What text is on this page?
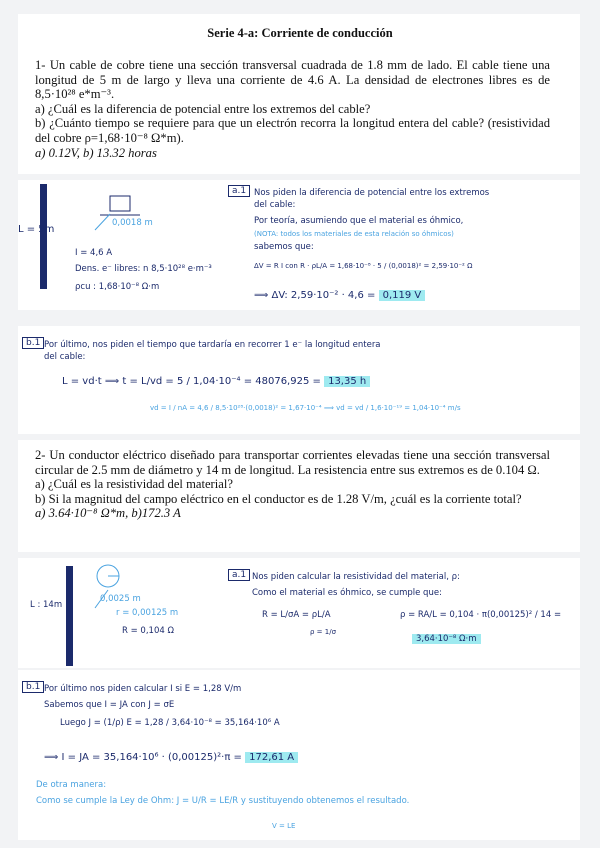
Serie 4-a: Corriente de conducción

1- Un cable de cobre tiene una sección transversal cuadrada de 1.8 mm de lado. El cable tiene una longitud de 5 m de largo y lleva una corriente de 4.6 A. La densidad de electrones libres es de 8,5·10²⁸ e*m⁻³.

a) ¿Cuál es la diferencia de potencial entre los extremos del cable?

b) ¿Cuánto tiempo se requiere para que un electrón recorra la longitud entera del cable? (resistividad del cobre ρ=1,68·10⁻⁸ Ω*m).

a) 0.12V, b) 13.32 horas

2- Un conductor eléctrico diseñado para transportar corrientes elevadas tiene una sección transversal circular de 2.5 mm de diámetro y 14 m de longitud. La resistencia entre sus extremos es de 0.104 Ω.

a) ¿Cuál es la resistividad del material?

b) Si la magnitud del campo eléctrico en el conductor es de 1.28 V/m, ¿cuál es la corriente total?

a) 3.64·10⁻⁸ Ω*m, b)172.3 A

L = 5m
0,0018 m
I = 4,6 A
Dens. e⁻ libres: n 8,5·10²⁸ e·m⁻³
ρcu : 1,68·10⁻⁸ Ω·m
a.1 Nos piden la diferencia de potencial entre los extremos
del cable:
Por teoría, asumiendo que el material es óhmico,
(NOTA: todos los materiales de esta relación so óhmicos)
sabemos que:
ΔV = R I con R · ρL/A = 1,68·10⁻⁸ · 5 / (0,0018)² = 2,59·10⁻² Ω
⟹ ΔV: 2,59·10⁻² · 4,6 = 0,119 V
b.1 Por último, nos piden el tiempo que tardaría en recorrer 1 e⁻ la longitud entera
del cable:
L = vd·t ⟹ t = L/vd = 5 / 1,04·10⁻⁴ = 48076,925 = 13,35 h
vd = I / nA = 4,6 / 8,5·10²⁸·(0,0018)² = 1,67·10⁻⁴ ⟹ vd = vd / 1,6·10⁻¹⁹ = 1,04·10⁻⁴ m/s
L : 14m
0,0025 m
r = 0,00125 m
R = 0,104 Ω
a.1 Nos piden calcular la resistividad del material, ρ:
Como el material es óhmico, se cumple que:
R = L/σA = ρL/A
ρ = 1/σ
ρ = RA/L = 0,104 · π(0,00125)² / 14 =
3,64·10⁻⁸ Ω·m
b.1 Por último nos piden calcular I si E = 1,28 V/m
Sabemos que I = JA con J = σE
Luego J = (1/ρ) E = 1,28 / 3,64·10⁻⁸ = 35,164·10⁶ A
⟹ I = JA = 35,164·10⁶ · (0,00125)²·π = 172,61 A
De otra manera:
Como se cumple la Ley de Ohm: J = U/R = LE/R y sustituyendo obtenemos el resultado.
V = LE
